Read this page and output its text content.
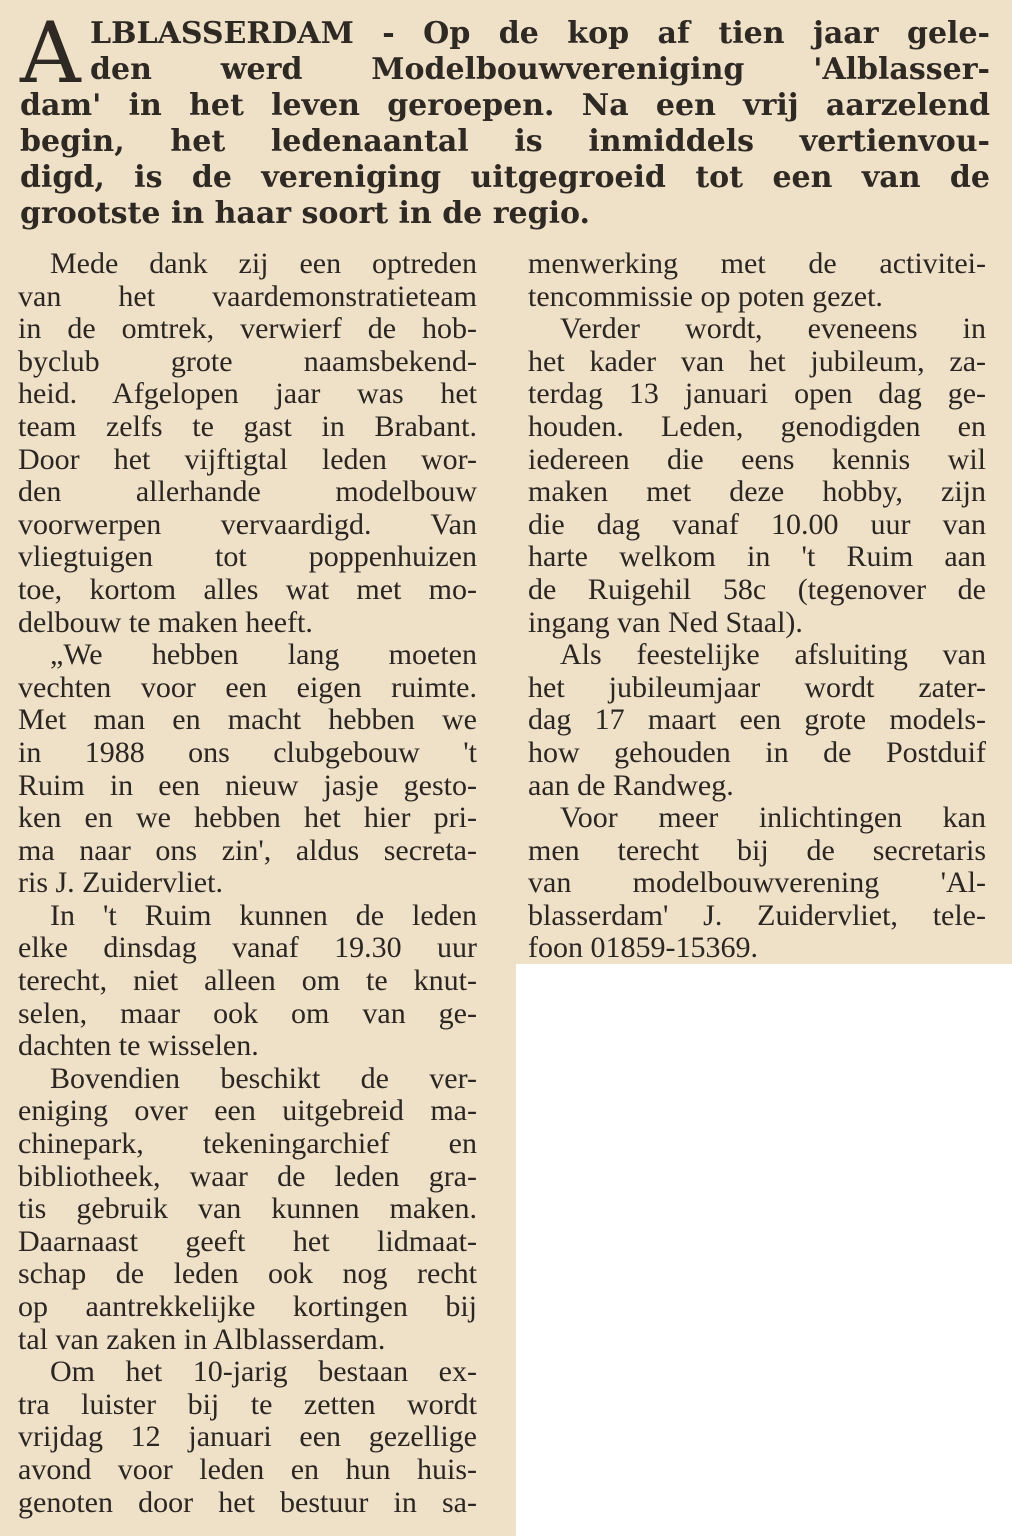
A LBLASSERDAM - Op de kop af tien jaar gele-
den werd Modelbouwvereniging 'Alblasser-
dam' in het leven geroepen. Na een vrij aarzelend
begin, het ledenaantal is inmiddels vertienvou-
digd, is de vereniging uitgegroeid tot een van de
grootste in haar soort in de regio.
Mede dank zij een optreden
van het vaardemonstratieteam
in de omtrek, verwierf de hob-
byclub grote naamsbekend-
heid. Afgelopen jaar was het
team zelfs te gast in Brabant.
Door het vijftigtal leden wor-
den allerhande modelbouw
voorwerpen vervaardigd. Van
vliegtuigen tot poppenhuizen
toe, kortom alles wat met mo-
delbouw te maken heeft.
„We hebben lang moeten
vechten voor een eigen ruimte.
Met man en macht hebben we
in 1988 ons clubgebouw 't
Ruim in een nieuw jasje gesto-
ken en we hebben het hier pri-
ma naar ons zin', aldus secreta-
ris J. Zuidervliet.
In 't Ruim kunnen de leden
elke dinsdag vanaf 19.30 uur
terecht, niet alleen om te knut-
selen, maar ook om van ge-
dachten te wisselen.
Bovendien beschikt de ver-
eniging over een uitgebreid ma-
chinepark, tekeningarchief en
bibliotheek, waar de leden gra-
tis gebruik van kunnen maken.
Daarnaast geeft het lidmaat-
schap de leden ook nog recht
op aantrekkelijke kortingen bij
tal van zaken in Alblasserdam.
Om het 10-jarig bestaan ex-
tra luister bij te zetten wordt
vrijdag 12 januari een gezellige
avond voor leden en hun huis-
genoten door het bestuur in sa-
menwerking met de activitei-
tencommissie op poten gezet.
Verder wordt, eveneens in
het kader van het jubileum, za-
terdag 13 januari open dag ge-
houden. Leden, genodigden en
iedereen die eens kennis wil
maken met deze hobby, zijn
die dag vanaf 10.00 uur van
harte welkom in 't Ruim aan
de Ruigehil 58c (tegenover de
ingang van Ned Staal).
Als feestelijke afsluiting van
het jubileumjaar wordt zater-
dag 17 maart een grote models-
how gehouden in de Postduif
aan de Randweg.
Voor meer inlichtingen kan
men terecht bij de secretaris
van modelbouwverening 'Al-
blasserdam' J. Zuidervliet, tele-
foon 01859-15369.
